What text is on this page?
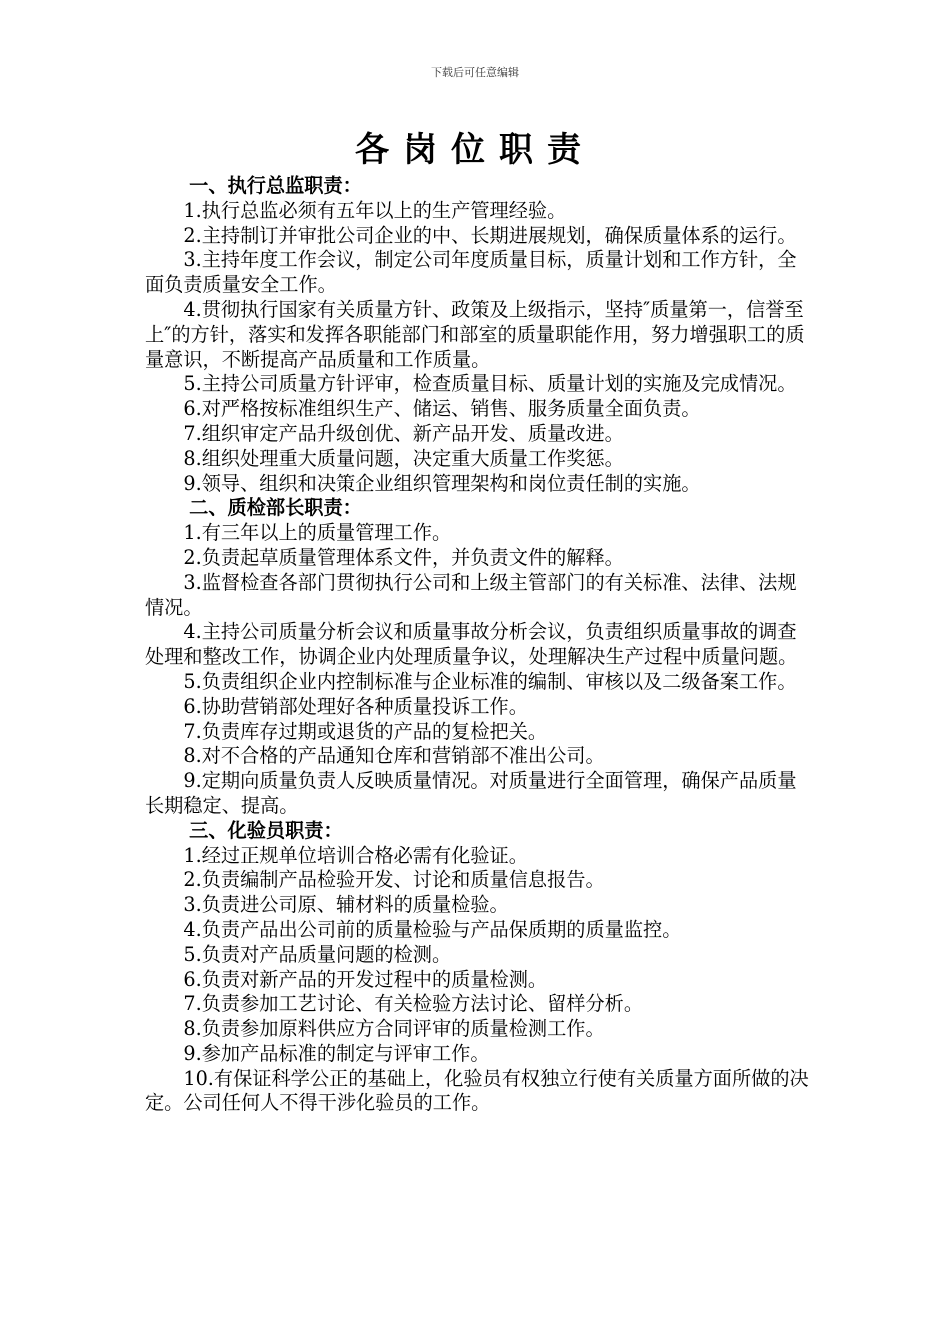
下载后可任意编辑
各岗位职责

一、执行总监职责：

1.执行总监必须有五年以上的生产管理经验。

2.主持制订并审批公司企业的中、长期进展规划，确保质量体系的运行。

3.主持年度工作会议，制定公司年度质量目标，质量计划和工作方针，全面负责质量安全工作。

4.贯彻执行国家有关质量方针、政策及上级指示，坚持″质量第一，信誉至上″的方针，落实和发挥各职能部门和部室的质量职能作用，努力增强职工的质量意识，不断提高产品质量和工作质量。

5.主持公司质量方针评审，检查质量目标、质量计划的实施及完成情况。

6.对严格按标准组织生产、储运、销售、服务质量全面负责。

7.组织审定产品升级创优、新产品开发、质量改进。

8.组织处理重大质量问题，决定重大质量工作奖惩。

9.领导、组织和决策企业组织管理架构和岗位责任制的实施。

二、质检部长职责：

1.有三年以上的质量管理工作。

2.负责起草质量管理体系文件，并负责文件的解释。

3.监督检查各部门贯彻执行公司和上级主管部门的有关标准、法律、法规情况。

4.主持公司质量分析会议和质量事故分析会议，负责组织质量事故的调查处理和整改工作，协调企业内处理质量争议，处理解决生产过程中质量问题。

5.负责组织企业内控制标准与企业标准的编制、审核以及二级备案工作。

6.协助营销部处理好各种质量投诉工作。

7.负责库存过期或退货的产品的复检把关。

8.对不合格的产品通知仓库和营销部不准出公司。

9.定期向质量负责人反映质量情况。对质量进行全面管理，确保产品质量长期稳定、提高。

三、化验员职责：

1.经过正规单位培训合格必需有化验证。

2.负责编制产品检验开发、讨论和质量信息报告。

3.负责进公司原、辅材料的质量检验。

4.负责产品出公司前的质量检验与产品保质期的质量监控。

5.负责对产品质量问题的检测。

6.负责对新产品的开发过程中的质量检测。

7.负责参加工艺讨论、有关检验方法讨论、留样分析。

8.负责参加原料供应方合同评审的质量检测工作。

9.参加产品标准的制定与评审工作。

10.有保证科学公正的基础上，化验员有权独立行使有关质量方面所做的决定。公司任何人不得干涉化验员的工作。
